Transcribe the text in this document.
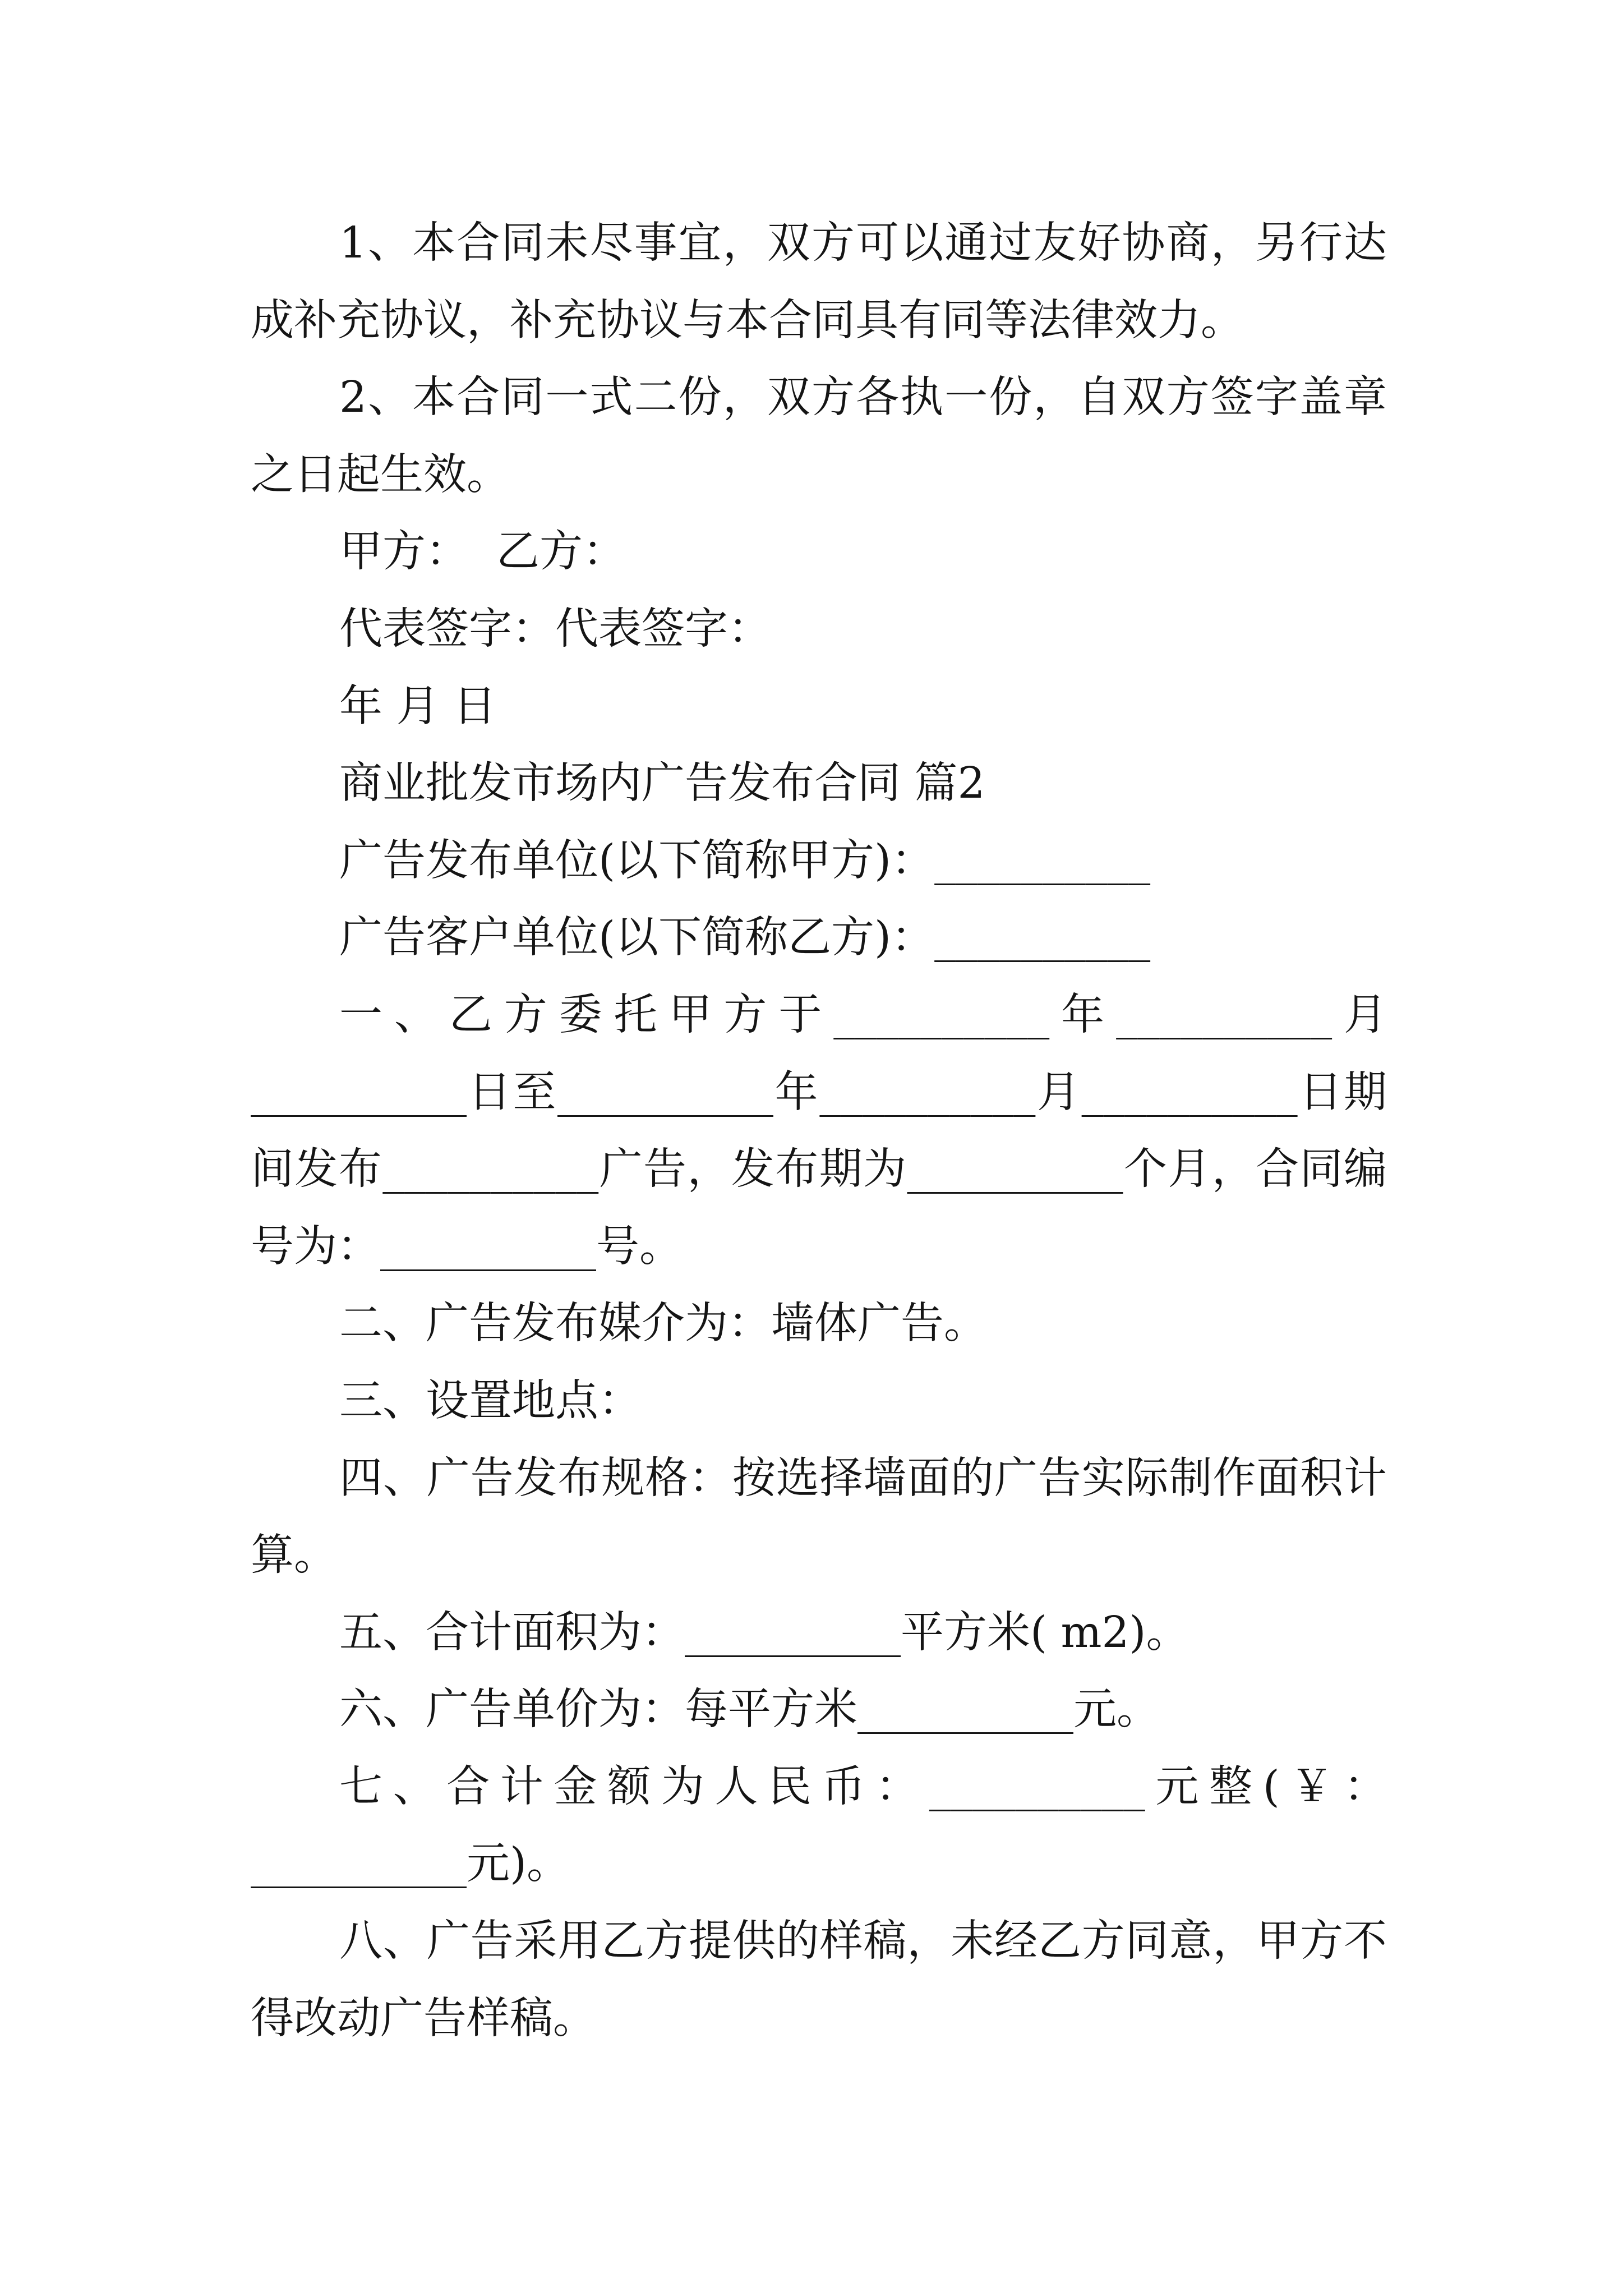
1、本合同未尽事宜，双方可以通过友好协商，另行达
成补充协议，补充协议与本合同具有同等法律效力。
2、本合同一式二份，双方各执一份，自双方签字盖章
之日起生效。
甲方：  乙方：
代表签字：代表签字：
年 月 日
商业批发市场内广告发布合同 篇2
广告发布单位(以下简称甲方)：__________
广告客户单位(以下简称乙方)：__________
一、乙方委托甲方于__________年__________月
__________日至__________年__________月__________日期
间发布__________广告，发布期为__________个月，合同编
号为：__________号。
二、广告发布媒介为：墙体广告。
三、设置地点：
四、广告发布规格：按选择墙面的广告实际制作面积计
算。
五、合计面积为：__________平方米( m2)。
六、广告单价为：每平方米__________元。
七、合计金额为人民币：__________元整(￥：
__________元)。
八、广告采用乙方提供的样稿，未经乙方同意，甲方不
得改动广告样稿。
